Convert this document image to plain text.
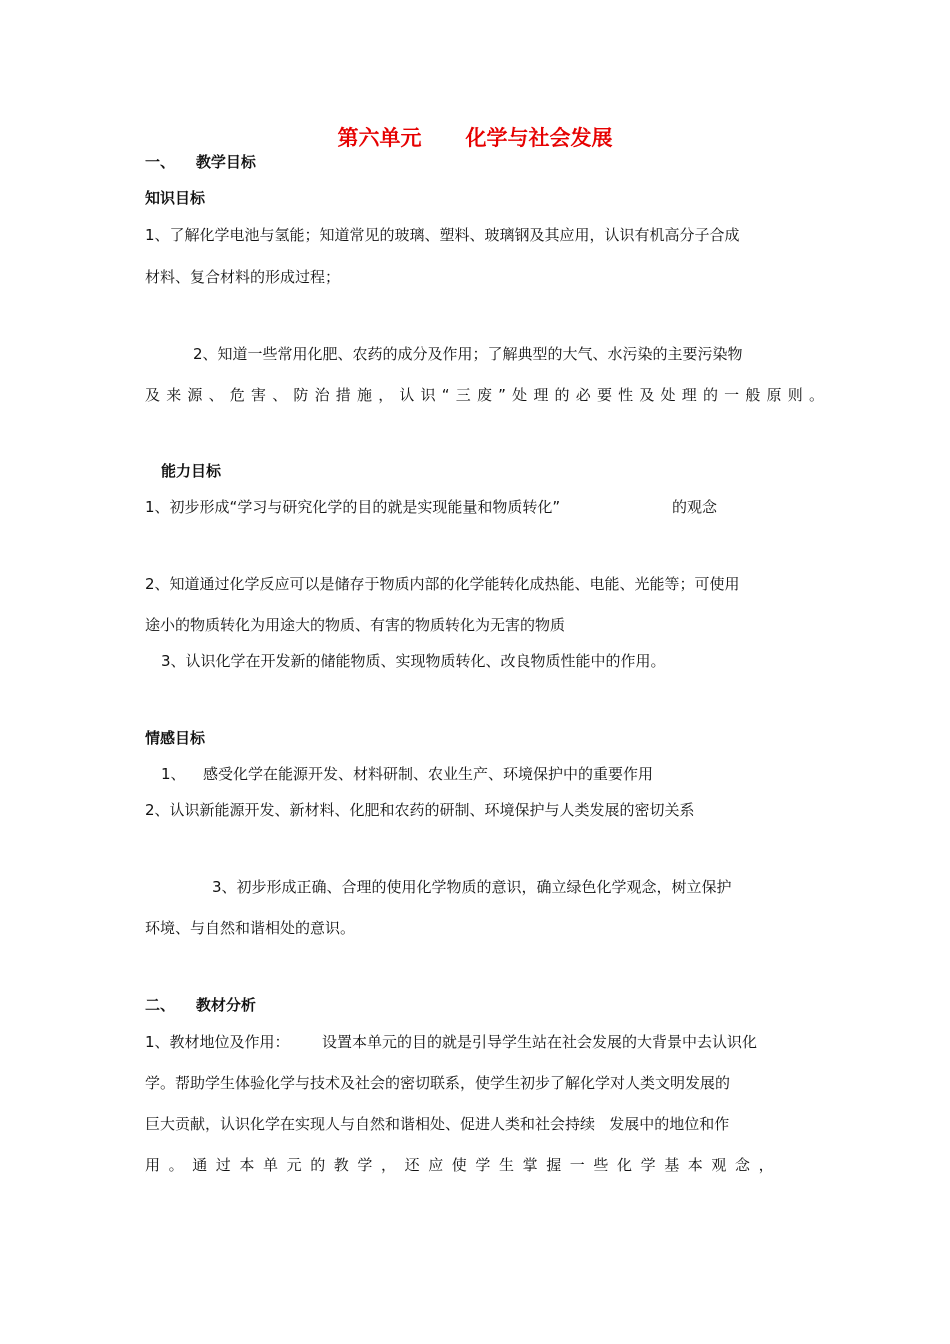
第六单元 化学与社会发展
一、    教学目标
知识目标
1、了解化学电池与氢能；知道常见的玻璃、塑料、玻璃钢及其应用，认识有机高分子合成
材料、复合材料的形成过程；
2、知道一些常用化肥、农药的成分及作用；了解典型的大气、水污染的主要污染物
及来源、危害、防治措施，认识“三废”处理的必要性及处理的一般原则。
能力目标
1、初步形成“学习与研究化学的目的就是实现能量和物质转化”	的观念
2、知道通过化学反应可以是储存于物质内部的化学能转化成热能、电能、光能等；可使用
途小的物质转化为用途大的物质、有害的物质转化为无害的物质
3、认识化学在开发新的储能物质、实现物质转化、改良物质性能中的作用。
情感目标
1、 感受化学在能源开发、材料研制、农业生产、环境保护中的重要作用
2、认识新能源开发、新材料、化肥和农药的研制、环境保护与人类发展的密切关系
3、初步形成正确、合理的使用化学物质的意识，确立绿色化学观念，树立保护
环境、与自然和谐相处的意识。
二、    教材分析
1、教材地位及作用： 设置本单元的目的就是引导学生站在社会发展的大背景中去认识化
学。帮助学生体验化学与技术及社会的密切联系，使学生初步了解化学对人类文明发展的
巨大贡献，认识化学在实现人与自然和谐相处、促进人类和社会持续   发展中的地位和作
用。通过本单元的教学，还应使学生掌握一些化学基本观念，
